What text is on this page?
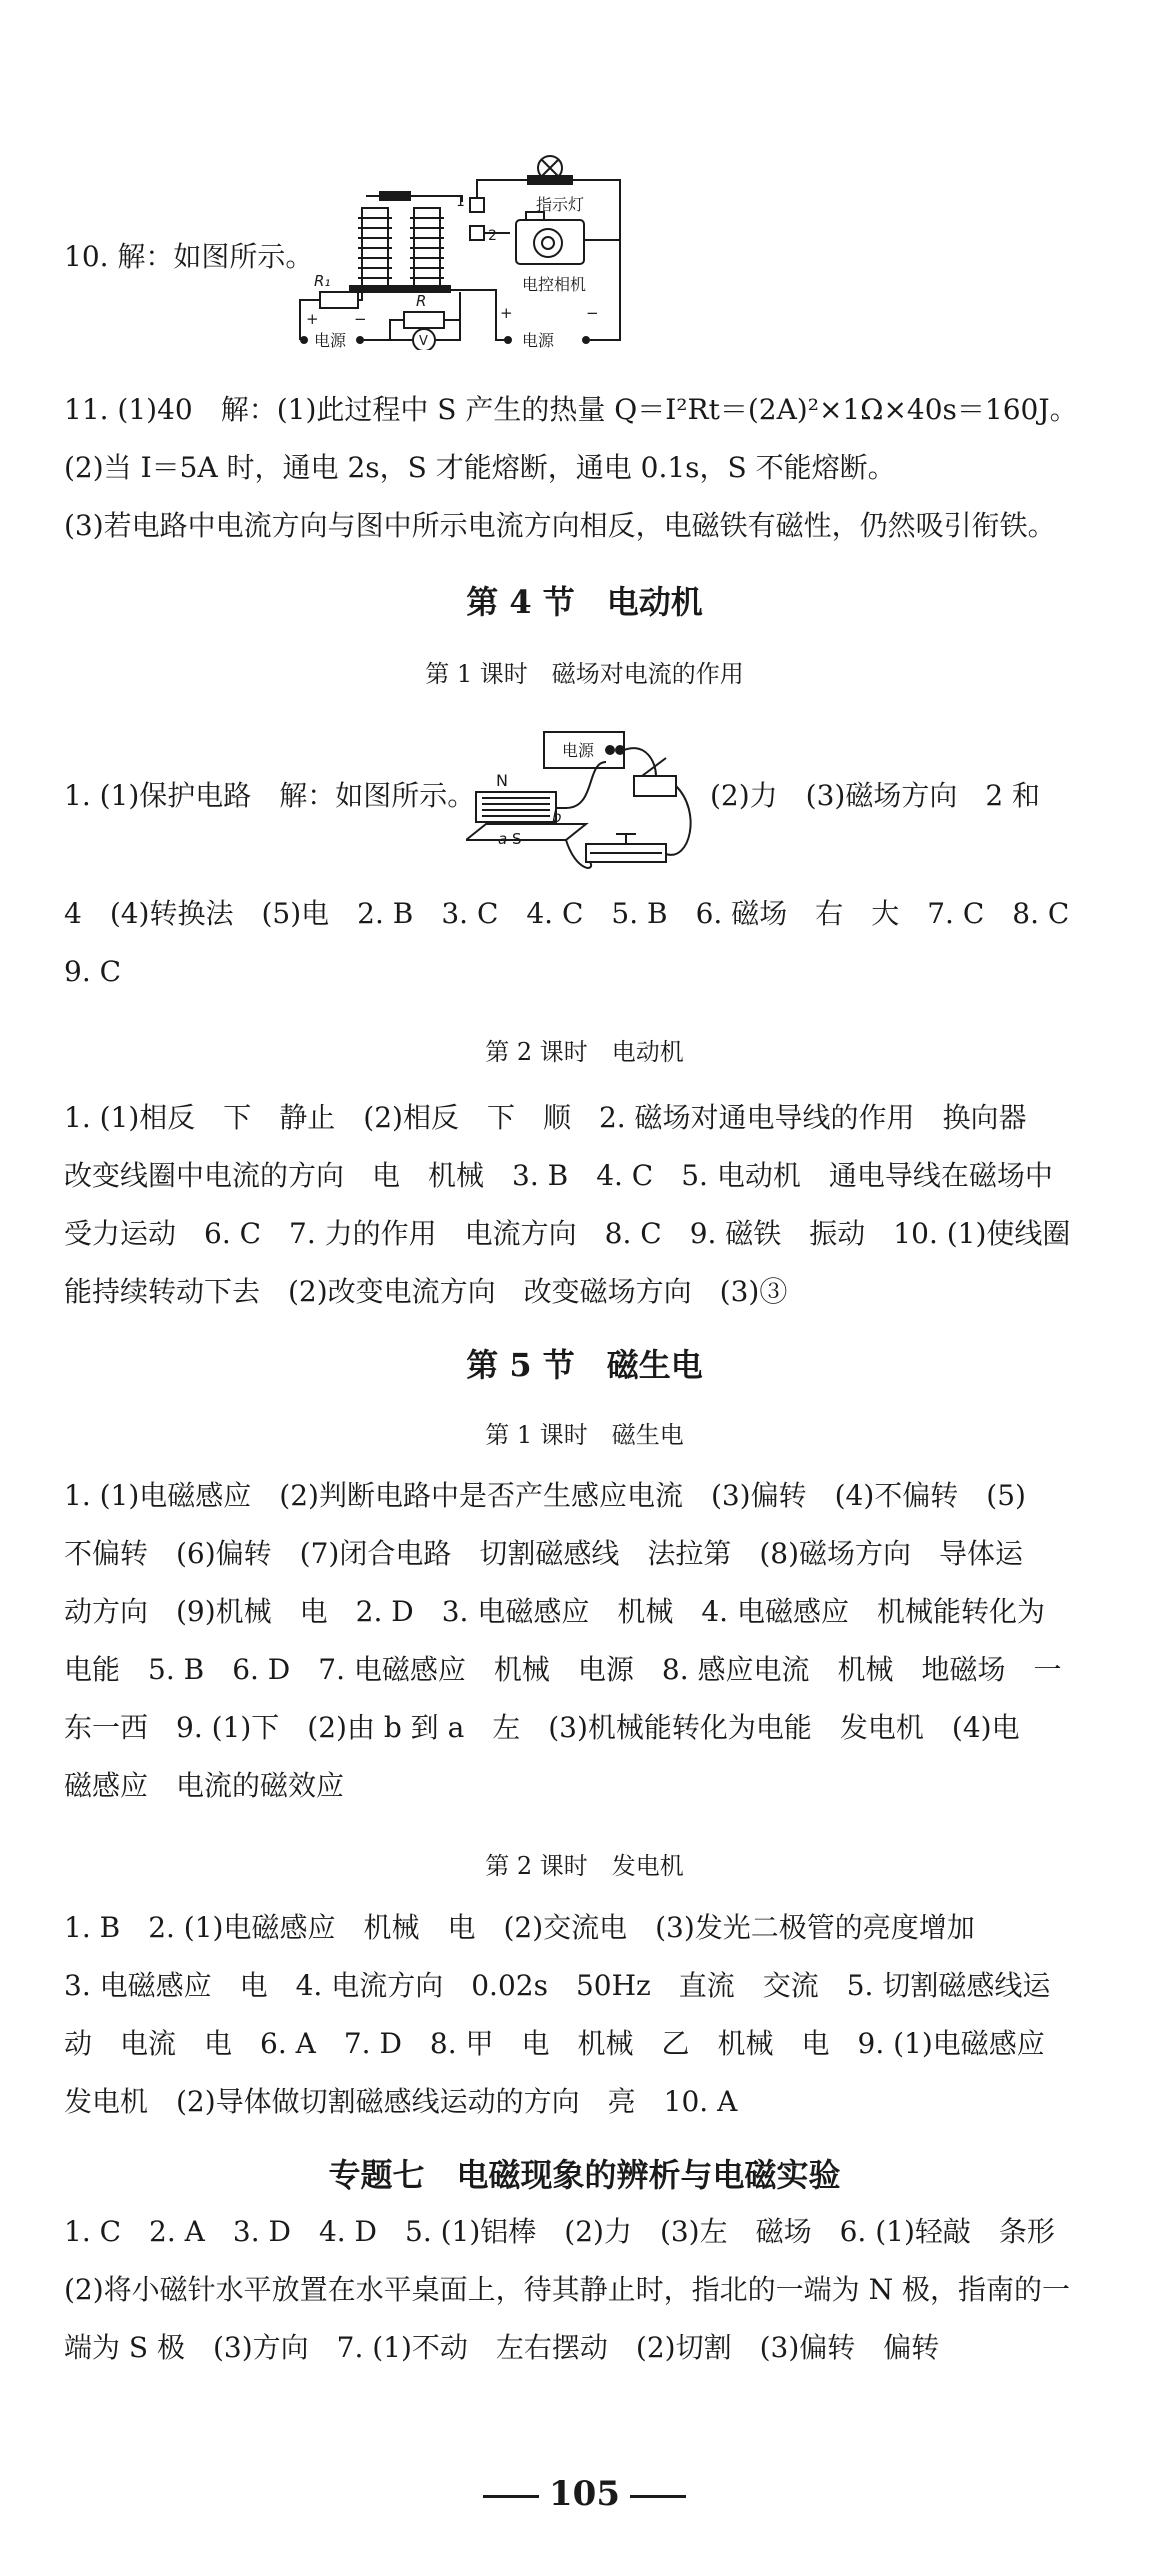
10. 解：如图所示。
1
2
指示灯
电控相机
+	−
电源
R₁
+ −
电源
R
V
11. (1)40　解：(1)此过程中 S 产生的热量 Q＝I²Rt＝(2A)²×1Ω×40s＝160J。
(2)当 I＝5A 时，通电 2s，S 才能熔断，通电 0.1s，S 不能熔断。
(3)若电路中电流方向与图中所示电流方向相反，电磁铁有磁性，仍然吸引衔铁。
第 4 节　电动机
第 1 课时　磁场对电流的作用
1. (1)保护电路　解：如图所示。
电源
N
S
a
b
(2)力　(3)磁场方向　2 和
4　(4)转换法　(5)电　2. B　3. C　4. C　5. B　6. 磁场　右　大　7. C　8. C
9. C
第 2 课时　电动机
1. (1)相反　下　静止　(2)相反　下　顺　2. 磁场对通电导线的作用　换向器
改变线圈中电流的方向　电　机械　3. B　4. C　5. 电动机　通电导线在磁场中
受力运动　6. C　7. 力的作用　电流方向　8. C　9. 磁铁　振动　10. (1)使线圈
能持续转动下去　(2)改变电流方向　改变磁场方向　(3)③
第 5 节　磁生电
第 1 课时　磁生电
1. (1)电磁感应　(2)判断电路中是否产生感应电流　(3)偏转　(4)不偏转　(5)
不偏转　(6)偏转　(7)闭合电路　切割磁感线　法拉第　(8)磁场方向　导体运
动方向　(9)机械　电　2. D　3. 电磁感应　机械　4. 电磁感应　机械能转化为
电能　5. B　6. D　7. 电磁感应　机械　电源　8. 感应电流　机械　地磁场　一
东一西　9. (1)下　(2)由 b 到 a　左　(3)机械能转化为电能　发电机　(4)电
磁感应　电流的磁效应
第 2 课时　发电机
1. B　2. (1)电磁感应　机械　电　(2)交流电　(3)发光二极管的亮度增加
3. 电磁感应　电　4. 电流方向　0.02s　50Hz　直流　交流　5. 切割磁感线运
动　电流　电　6. A　7. D　8. 甲　电　机械　乙　机械　电　9. (1)电磁感应
发电机　(2)导体做切割磁感线运动的方向　亮　10. A
专题七　电磁现象的辨析与电磁实验
1. C　2. A　3. D　4. D　5. (1)铝棒　(2)力　(3)左　磁场　6. (1)轻敲　条形
(2)将小磁针水平放置在水平桌面上，待其静止时，指北的一端为 N 极，指南的一
端为 S 极　(3)方向　7. (1)不动　左右摆动　(2)切割　(3)偏转　偏转
105
